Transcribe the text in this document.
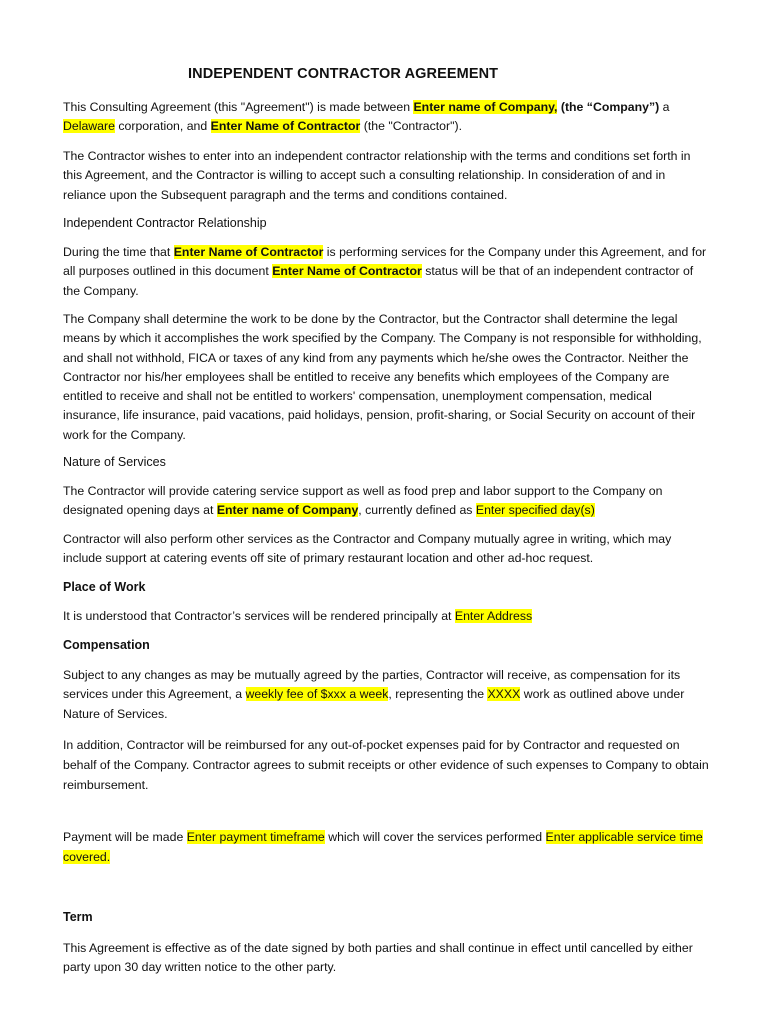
INDEPENDENT CONTRACTOR AGREEMENT

This Consulting Agreement (this "Agreement") is made between Enter name of Company, (the “Company”) a
Delaware corporation, and Enter Name of Contractor (the "Contractor").

The Contractor wishes to enter into an independent contractor relationship with the terms and conditions set forth in this Agreement, and the Contractor is willing to accept such a consulting relationship. In consideration of and in reliance upon the Subsequent paragraph and the terms and conditions contained.

Independent Contractor Relationship

During the time that Enter Name of Contractor is performing services for the Company under this Agreement, and for all purposes outlined in this document Enter Name of Contractor status will be that of an independent contractor of the Company.

The Company shall determine the work to be done by the Contractor, but the Contractor shall determine the legal means by which it accomplishes the work specified by the Company. The Company is not responsible for withholding, and shall not withhold, FICA or taxes of any kind from any payments which he/she owes the Contractor. Neither the Contractor nor his/her employees shall be entitled to receive any benefits which employees of the Company are entitled to receive and shall not be entitled to workers' compensation, unemployment compensation, medical insurance, life insurance, paid vacations, paid holidays, pension, profit-sharing, or Social Security on account of their work for the Company.

Nature of Services

The Contractor will provide catering service support as well as food prep and labor support to the Company on designated opening days at Enter name of Company, currently defined as Enter specified day(s)

Contractor will also perform other services as the Contractor and Company mutually agree in writing, which may include support at catering events off site of primary restaurant location and other ad-hoc request.

Place of Work

It is understood that Contractor’s services will be rendered principally at Enter Address

Compensation

Subject to any changes as may be mutually agreed by the parties, Contractor will receive, as compensation for its services under this Agreement, a weekly fee of $xxx a week, representing the XXXX work as outlined above under Nature of Services.

In addition, Contractor will be reimbursed for any out-of-pocket expenses paid for by Contractor and requested on behalf of the Company. Contractor agrees to submit receipts or other evidence of such expenses to Company to obtain reimbursement.

Payment will be made Enter payment timeframe which will cover the services performed Enter applicable service time covered.

Term

This Agreement is effective as of the date signed by both parties and shall continue in effect until cancelled by either party upon 30 day written notice to the other party.
